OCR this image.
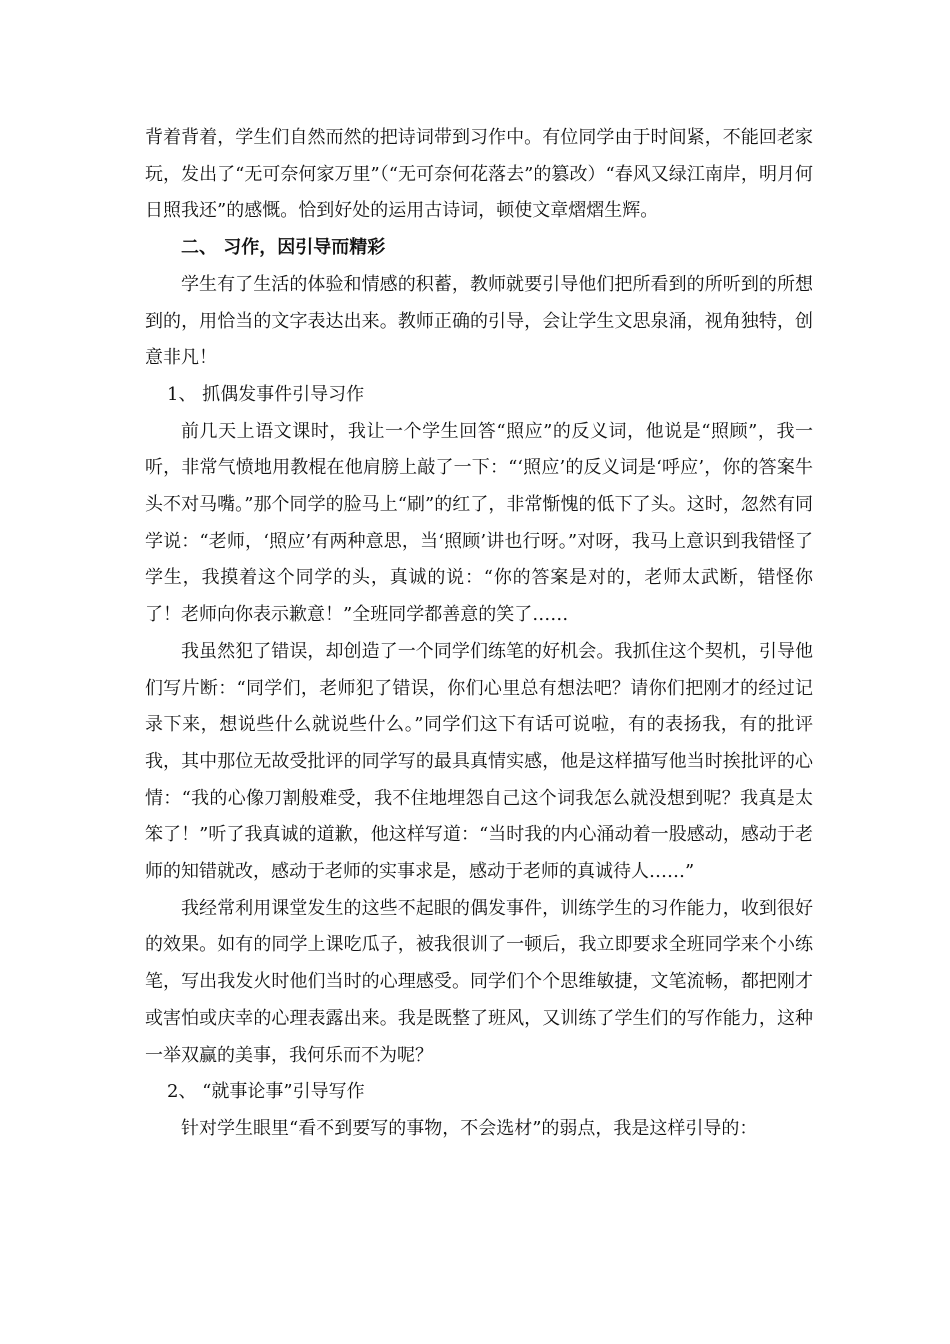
背着背着，学生们自然而然的把诗词带到习作中。有位同学由于时间紧，不能回老家玩，发出了“无可奈何家万里”（“无可奈何花落去”的篡改）“春风又绿江南岸，明月何日照我还”的感慨。恰到好处的运用古诗词，顿使文章熠熠生辉。

二、 习作，因引导而精彩

学生有了生活的体验和情感的积蓄，教师就要引导他们把所看到的所听到的所想到的，用恰当的文字表达出来。教师正确的引导，会让学生文思泉涌，视角独特，创意非凡！

1、 抓偶发事件引导习作

前几天上语文课时，我让一个学生回答“照应”的反义词，他说是“照顾”，我一听，非常气愤地用教棍在他肩膀上敲了一下：“‘照应’的反义词是‘呼应’，你的答案牛头不对马嘴。”那个同学的脸马上“刷”的红了，非常惭愧的低下了头。这时，忽然有同学说：“老师，‘照应’有两种意思，当‘照顾’讲也行呀。”对呀，我马上意识到我错怪了学生，我摸着这个同学的头，真诚的说：“你的答案是对的，老师太武断，错怪你了！老师向你表示歉意！”全班同学都善意的笑了……

我虽然犯了错误，却创造了一个同学们练笔的好机会。我抓住这个契机，引导他们写片断：“同学们，老师犯了错误，你们心里总有想法吧？请你们把刚才的经过记录下来，想说些什么就说些什么。”同学们这下有话可说啦，有的表扬我，有的批评我，其中那位无故受批评的同学写的最具真情实感，他是这样描写他当时挨批评的心情：“我的心像刀割般难受，我不住地埋怨自己这个词我怎么就没想到呢？我真是太笨了！”听了我真诚的道歉，他这样写道：“当时我的内心涌动着一股感动，感动于老师的知错就改，感动于老师的实事求是，感动于老师的真诚待人……”

我经常利用课堂发生的这些不起眼的偶发事件，训练学生的习作能力，收到很好的效果。如有的同学上课吃瓜子，被我很训了一顿后，我立即要求全班同学来个小练笔，写出我发火时他们当时的心理感受。同学们个个思维敏捷，文笔流畅，都把刚才或害怕或庆幸的心理表露出来。我是既整了班风，又训练了学生们的写作能力，这种一举双赢的美事，我何乐而不为呢？

2、 “就事论事”引导写作

针对学生眼里“看不到要写的事物，不会选材”的弱点，我是这样引导的：
